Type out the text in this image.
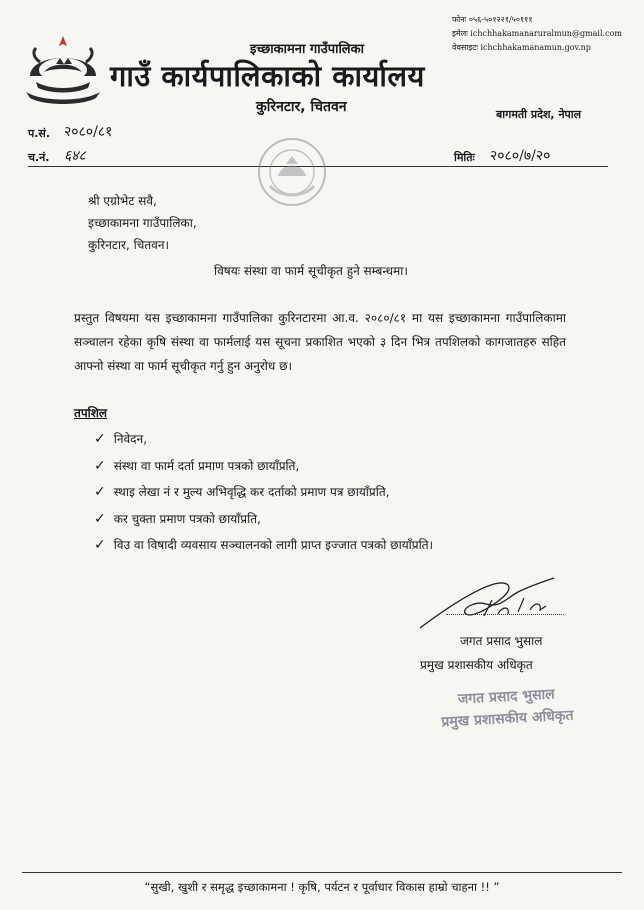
इच्छाकामना गाउँपालिका
गाउँ कार्यपालिकाको कार्यालय
कुरिनटार, चितवन
फोनः ०५६-५०१२२१/५०१११
इमेलः ichchhakamanaruralmun@gmail.com
वेवसाइटः ichchhakamanamun.gov.np
बागमती प्रदेश, नेपाल
प.सं. २०८०/८१
च.नं. ६४८	मितिः २०८०/७/२०
श्री एग्रोभेट सवै,
इच्छाकामना गाउँपालिका,
कुरिनटार, चितवन।
विषयः संस्था वा फार्म सूचीकृत हुने सम्बन्धमा।
प्रस्तुत विषयमा यस इच्छाकामना गाउँपालिका कुरिनटारमा आ.व. २०८०/८१ मा यस इच्छाकामना गाउँपालिकामा सञ्चालन रहेका कृषि संस्था वा फार्मलाई यस सूचना प्रकाशित भएको ३ दिन भित्र तपशिलको कागजातहरु सहित आफ्नो संस्था वा फार्म सूचीकृत गर्नु हुन अनुरोध छ।
तपशिल
✓ निवेदन,
✓ संस्था वा फार्म दर्ता प्रमाण पत्रको छायाँप्रति,
✓ स्थाइ लेखा नं र मुल्य अभिवृद्धि कर दर्ताको प्रमाण पत्र छायाँप्रति,
✓ कर चुक्ता प्रमाण पत्रको छायाँप्रति,
✓ विउ वा विषादी व्यवसाय सञ्चालनको लागी प्राप्त इज्जात पत्रको छायाँप्रति।
जगत प्रसाद भुसाल
प्रमुख प्रशासकीय अधिकृत
जगत प्रसाद भुसाल
प्रमुख प्रशासकीय अधिकृत
“सुखी, खुशी र समृद्ध इच्छाकामना ! कृषि, पर्यटन र पूर्वाधार विकास हाम्रो चाहना !! ”
